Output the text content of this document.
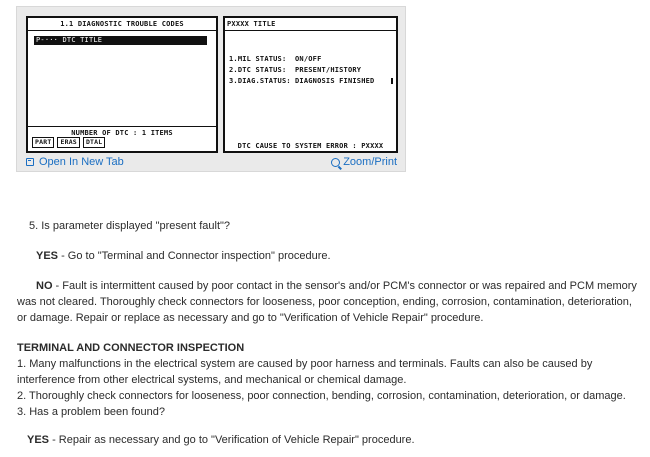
1.1 DIAGNOSTIC TROUBLE CODES
P-··· DTC TITLE
NUMBER OF DTC : 1 ITEMS
PART	ERAS	DTAL
PXXXX TITLE
1.MIL STATUS:	ON/OFF
2.DTC STATUS:	PRESENT/HISTORY
3.DIAG.STATUS: DIAGNOSIS FINISHED
DTC CAUSE TO SYSTEM ERROR : PXXXX
Open In New Tab	Zoom/Print

5. Is parameter displayed "present fault"?

YES - Go to "Terminal and Connector inspection" procedure.

NO - Fault is intermittent caused by poor contact in the sensor's and/or PCM's connector or was repaired and PCM memory

was not cleared. Thoroughly check connectors for looseness, poor conception, ending, corrosion, contamination, deterioration,

or damage. Repair or replace as necessary and go to "Verification of Vehicle Repair" procedure.

TERMINAL AND CONNECTOR INSPECTION

1. Many malfunctions in the electrical system are caused by poor harness and terminals. Faults can also be caused by

interference from other electrical systems, and mechanical or chemical damage.

2. Thoroughly check connectors for looseness, poor connection, bending, corrosion, contamination, deterioration, or damage.

3. Has a problem been found?

YES - Repair as necessary and go to "Verification of Vehicle Repair" procedure.
